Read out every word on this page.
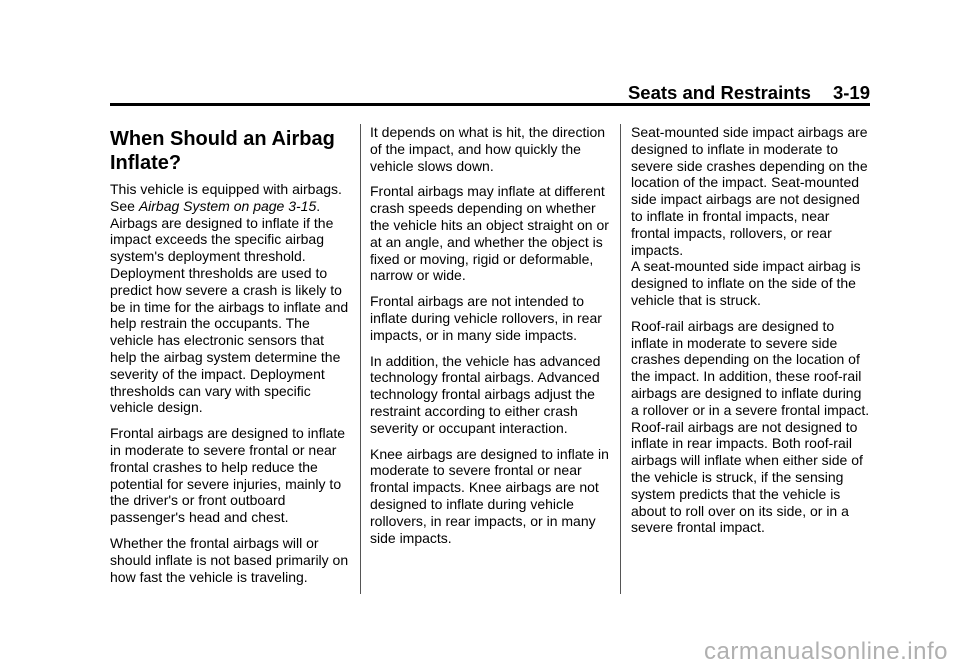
Seats and Restraints 3-19
When Should an Airbag
Inflate?

This vehicle is equipped with airbags. See Airbag System on page 3-15. Airbags are designed to inflate if the impact exceeds the specific airbag system's deployment threshold. Deployment thresholds are used to predict how severe a crash is likely to be in time for the airbags to inflate and help restrain the occupants. The vehicle has electronic sensors that help the airbag system determine the severity of the impact. Deployment thresholds can vary with specific vehicle design.

Frontal airbags are designed to inflate in moderate to severe frontal or near frontal crashes to help reduce the potential for severe injuries, mainly to the driver's or front outboard passenger's head and chest.

Whether the frontal airbags will or should inflate is not based primarily on how fast the vehicle is traveling.

It depends on what is hit, the direction of the impact, and how quickly the vehicle slows down.

Frontal airbags may inflate at different crash speeds depending on whether the vehicle hits an object straight on or at an angle, and whether the object is fixed or moving, rigid or deformable, narrow or wide.

Frontal airbags are not intended to inflate during vehicle rollovers, in rear impacts, or in many side impacts.

In addition, the vehicle has advanced technology frontal airbags. Advanced technology frontal airbags adjust the restraint according to either crash severity or occupant interaction.

Knee airbags are designed to inflate in moderate to severe frontal or near frontal impacts. Knee airbags are not designed to inflate during vehicle rollovers, in rear impacts, or in many side impacts.

Seat-mounted side impact airbags are designed to inflate in moderate to severe side crashes depending on the location of the impact. Seat-mounted side impact airbags are not designed to inflate in frontal impacts, near frontal impacts, rollovers, or rear impacts.
A seat-mounted side impact airbag is designed to inflate on the side of the vehicle that is struck.

Roof-rail airbags are designed to inflate in moderate to severe side crashes depending on the location of the impact. In addition, these roof-rail airbags are designed to inflate during a rollover or in a severe frontal impact. Roof-rail airbags are not designed to inflate in rear impacts. Both roof-rail airbags will inflate when either side of the vehicle is struck, if the sensing system predicts that the vehicle is about to roll over on its side, or in a severe frontal impact.

carmanualsonline.info
